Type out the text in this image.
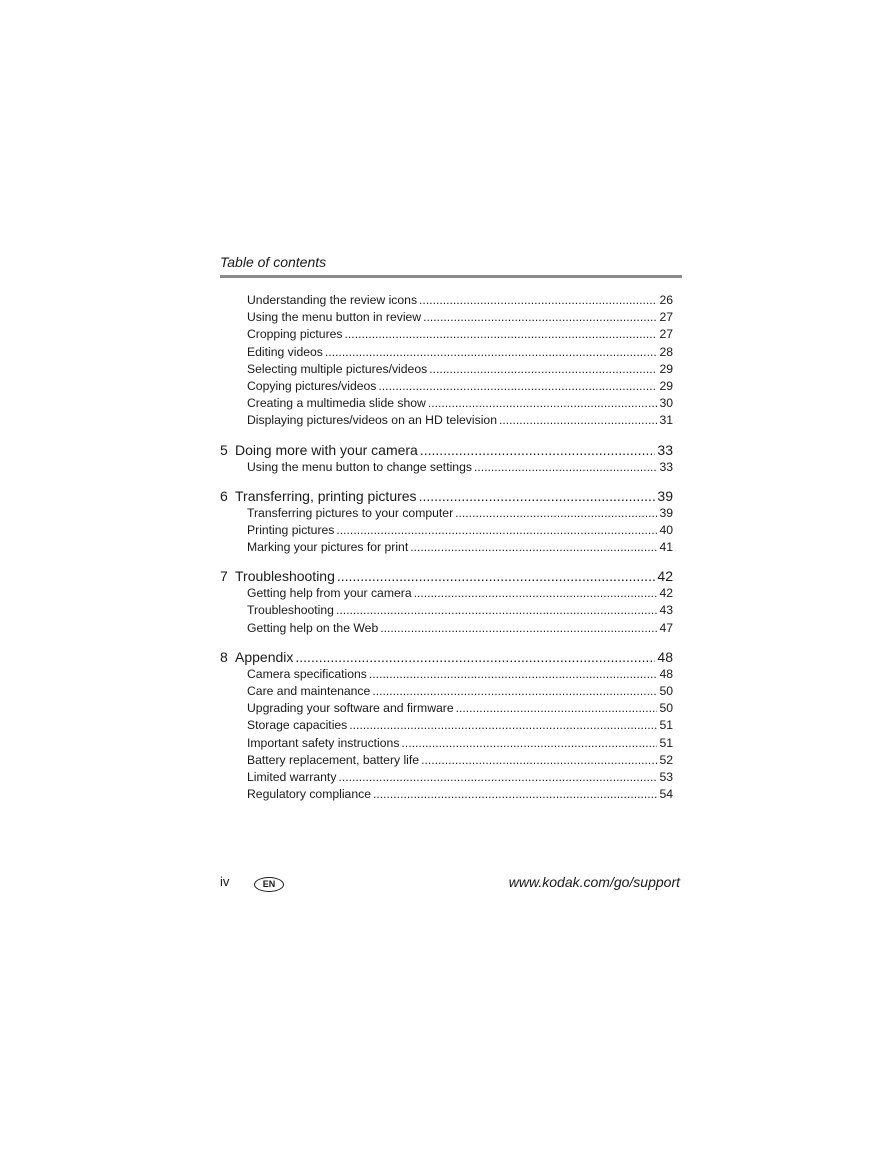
Table of contents
Understanding the review icons .....	26
Using the menu button in review .....	27
Cropping pictures .....	27
Editing videos .....	28
Selecting multiple pictures/videos .....	29
Copying pictures/videos .....	29
Creating a multimedia slide show .....	30
Displaying pictures/videos on an HD television .....	31
5 Doing more with your camera .....	33
Using the menu button to change settings .....	33
6 Transferring, printing pictures .....	39
Transferring pictures to your computer .....	39
Printing pictures .....	40
Marking your pictures for print .....	41
7 Troubleshooting .....	42
Getting help from your camera .....	42
Troubleshooting .....	43
Getting help on the Web .....	47
8 Appendix .....	48
Camera specifications .....	48
Care and maintenance .....	50
Upgrading your software and firmware .....	50
Storage capacities .....	51
Important safety instructions .....	51
Battery replacement, battery life .....	52
Limited warranty .....	53
Regulatory compliance .....	54
iv	EN	www.kodak.com/go/support
